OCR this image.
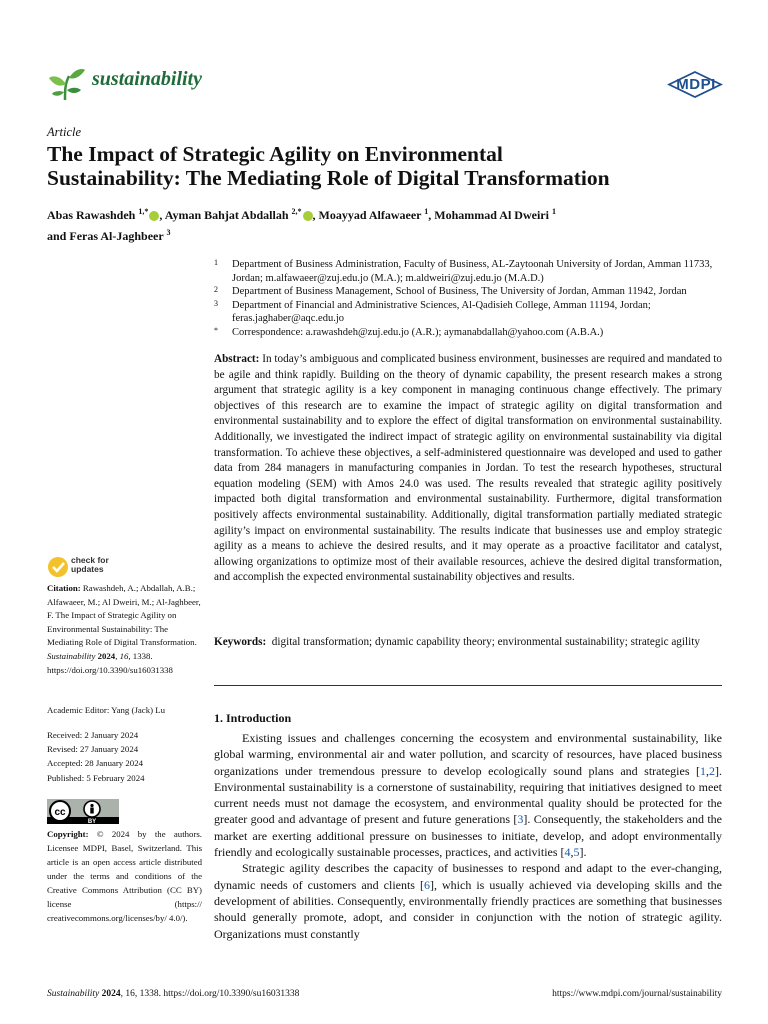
sustainability	MDPI
Article
The Impact of Strategic Agility on Environmental
Sustainability: The Mediating Role of Digital Transformation
Abas Rawashdeh $^{1,*}$ , Ayman Bahjat Abdallah $^{2,*}$ , Moayyad Alfawaeer $^1$, Mohammad Al Dweiri $^1$
and Feras Al-Jaghbeer $^3$
1 Department of Business Administration, Faculty of Business, AL-Zaytoonah University of Jordan, Amman 11733, Jordan; m.alfawaeer@zuj.edu.jo (M.A.); m.aldweiri@zuj.edu.jo (M.A.D.)
2 Department of Business Management, School of Business, The University of Jordan, Amman 11942, Jordan
3 Department of Financial and Administrative Sciences, Al-Qadisieh College, Amman 11194, Jordan; feras.jaghaber@aqc.edu.jo
* Correspondence: a.rawashdeh@zuj.edu.jo (A.R.); aymanabdallah@yahoo.com (A.B.A.)
Abstract: In today’s ambiguous and complicated business environment, businesses are required and mandated to be agile and think rapidly. Building on the theory of dynamic capability, the present research makes a strong argument that strategic agility is a key component in managing continuous change effectively. The primary objectives of this research are to examine the impact of strategic agility on digital transformation and environmental sustainability and to explore the effect of digital transformation on environmental sustainability. Additionally, we investigated the indirect impact of strategic agility on environmental sustainability via digital transformation. To achieve these objectives, a self-administered questionnaire was developed and used to gather data from 284 managers in manufacturing companies in Jordan. To test the research hypotheses, structural equation modeling (SEM) with Amos 24.0 was used. The results revealed that strategic agility positively impacted both digital transformation and environmental sustainability. Furthermore, digital transformation positively affects environmental sustainability. Additionally, digital transformation partially mediated strategic agility’s impact on environmental sustainability. The results indicate that businesses use and employ strategic agility as a means to achieve the desired results, and it may operate as a proactive facilitator and catalyst, allowing organizations to optimize most of their available resources, achieve the desired digital transformation, and accomplish the expected environmental sustainability objectives and results.
Keywords: digital transformation; dynamic capability theory; environmental sustainability; strategic agility
1. Introduction

Existing issues and challenges concerning the ecosystem and environmental sustainability, like global warming, environmental air and water pollution, and scarcity of resources, have placed business organizations under tremendous pressure to develop ecologically sound plans and strategies [1,2]. Environmental sustainability is a cornerstone of sustainability, requiring that initiatives designed to meet current needs must not damage the ecosystem, and environmental quality should be protected for the greater good and advantage of present and future generations [3]. Consequently, the stakeholders and the market are exerting additional pressure on businesses to initiate, develop, and adopt environmentally friendly and ecologically sustainable processes, practices, and activities [4,5].

Strategic agility describes the capacity of businesses to respond and adapt to the ever-changing, dynamic needs of customers and clients [6], which is usually achieved via developing skills and the development of abilities. Consequently, environmentally friendly practices are something that businesses should generally promote, adopt, and consider in conjunction with the notion of strategic agility. Organizations must constantly

check for
updates
Citation: Rawashdeh, A.; Abdallah, A.B.; Alfawaeer, M.; Al Dweiri, M.; Al-Jaghbeer, F. The Impact of Strategic Agility on Environmental Sustainability: The Mediating Role of Digital Transformation. Sustainability 2024, 16, 1338. https://doi.org/10.3390/su16031338
Academic Editor: Yang (Jack) Lu
Received: 2 January 2024
Revised: 27 January 2024
Accepted: 28 January 2024
Published: 5 February 2024
cc
BY
Copyright: © 2024 by the authors. Licensee MDPI, Basel, Switzerland. This article is an open access article distributed under the terms and conditions of the Creative Commons Attribution (CC BY) license (https:// creativecommons.org/licenses/by/ 4.0/).
Sustainability 2024, 16, 1338. https://doi.org/10.3390/su16031338	https://www.mdpi.com/journal/sustainability
